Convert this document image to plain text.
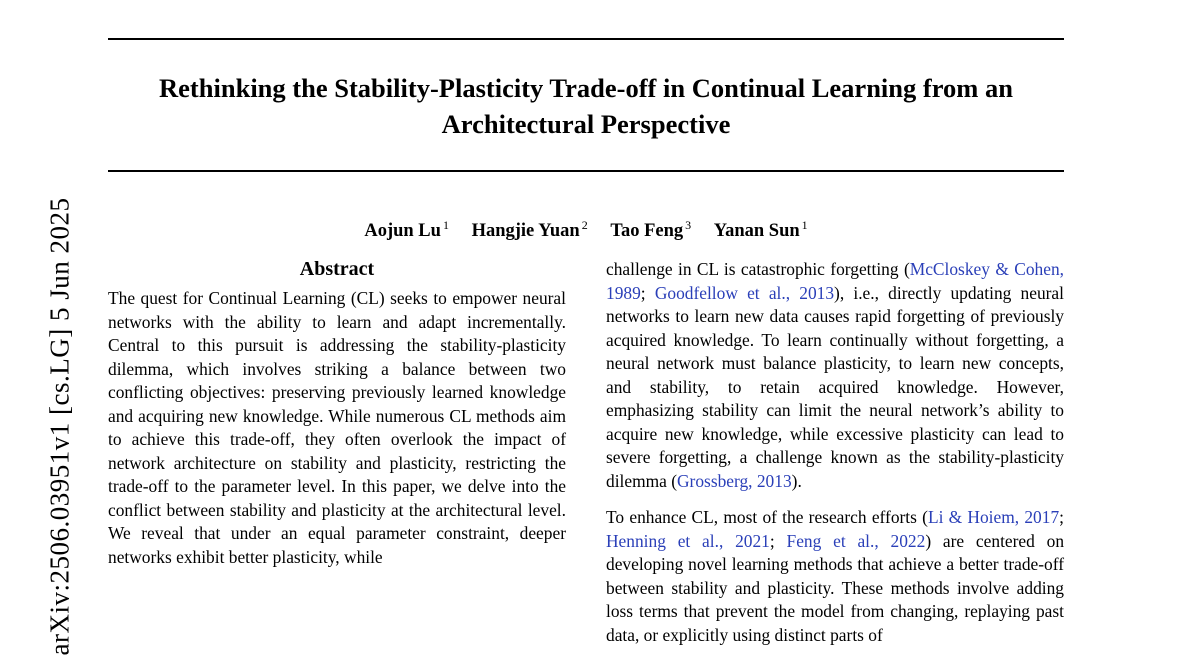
arXiv:2506.03951v1 [cs.LG] 5 Jun 2025
Rethinking the Stability-Plasticity Trade-off in Continual Learning from an Architectural Perspective
Aojun Lu $^1$ Hangjie Yuan $^2$ Tao Feng $^3$ Yanan Sun $^1$
Abstract

The quest for Continual Learning (CL) seeks to empower neural networks with the ability to learn and adapt incrementally. Central to this pursuit is addressing the stability-plasticity dilemma, which involves striking a balance between two conflicting objectives: preserving previously learned knowledge and acquiring new knowledge. While numerous CL methods aim to achieve this trade-off, they often overlook the impact of network architecture on stability and plasticity, restricting the trade-off to the parameter level. In this paper, we delve into the conflict between stability and plasticity at the architectural level. We reveal that under an equal parameter constraint, deeper networks exhibit better plasticity, while

challenge in CL is catastrophic forgetting (McCloskey & Cohen, 1989; Goodfellow et al., 2013), i.e., directly updating neural networks to learn new data causes rapid forgetting of previously acquired knowledge. To learn continually without forgetting, a neural network must balance plasticity, to learn new concepts, and stability, to retain acquired knowledge. However, emphasizing stability can limit the neural network’s ability to acquire new knowledge, while excessive plasticity can lead to severe forgetting, a challenge known as the stability-plasticity dilemma (Grossberg, 2013).

To enhance CL, most of the research efforts (Li & Hoiem, 2017; Henning et al., 2021; Feng et al., 2022) are centered on developing novel learning methods that achieve a better trade-off between stability and plasticity. These methods involve adding loss terms that prevent the model from changing, replaying past data, or explicitly using distinct parts of
